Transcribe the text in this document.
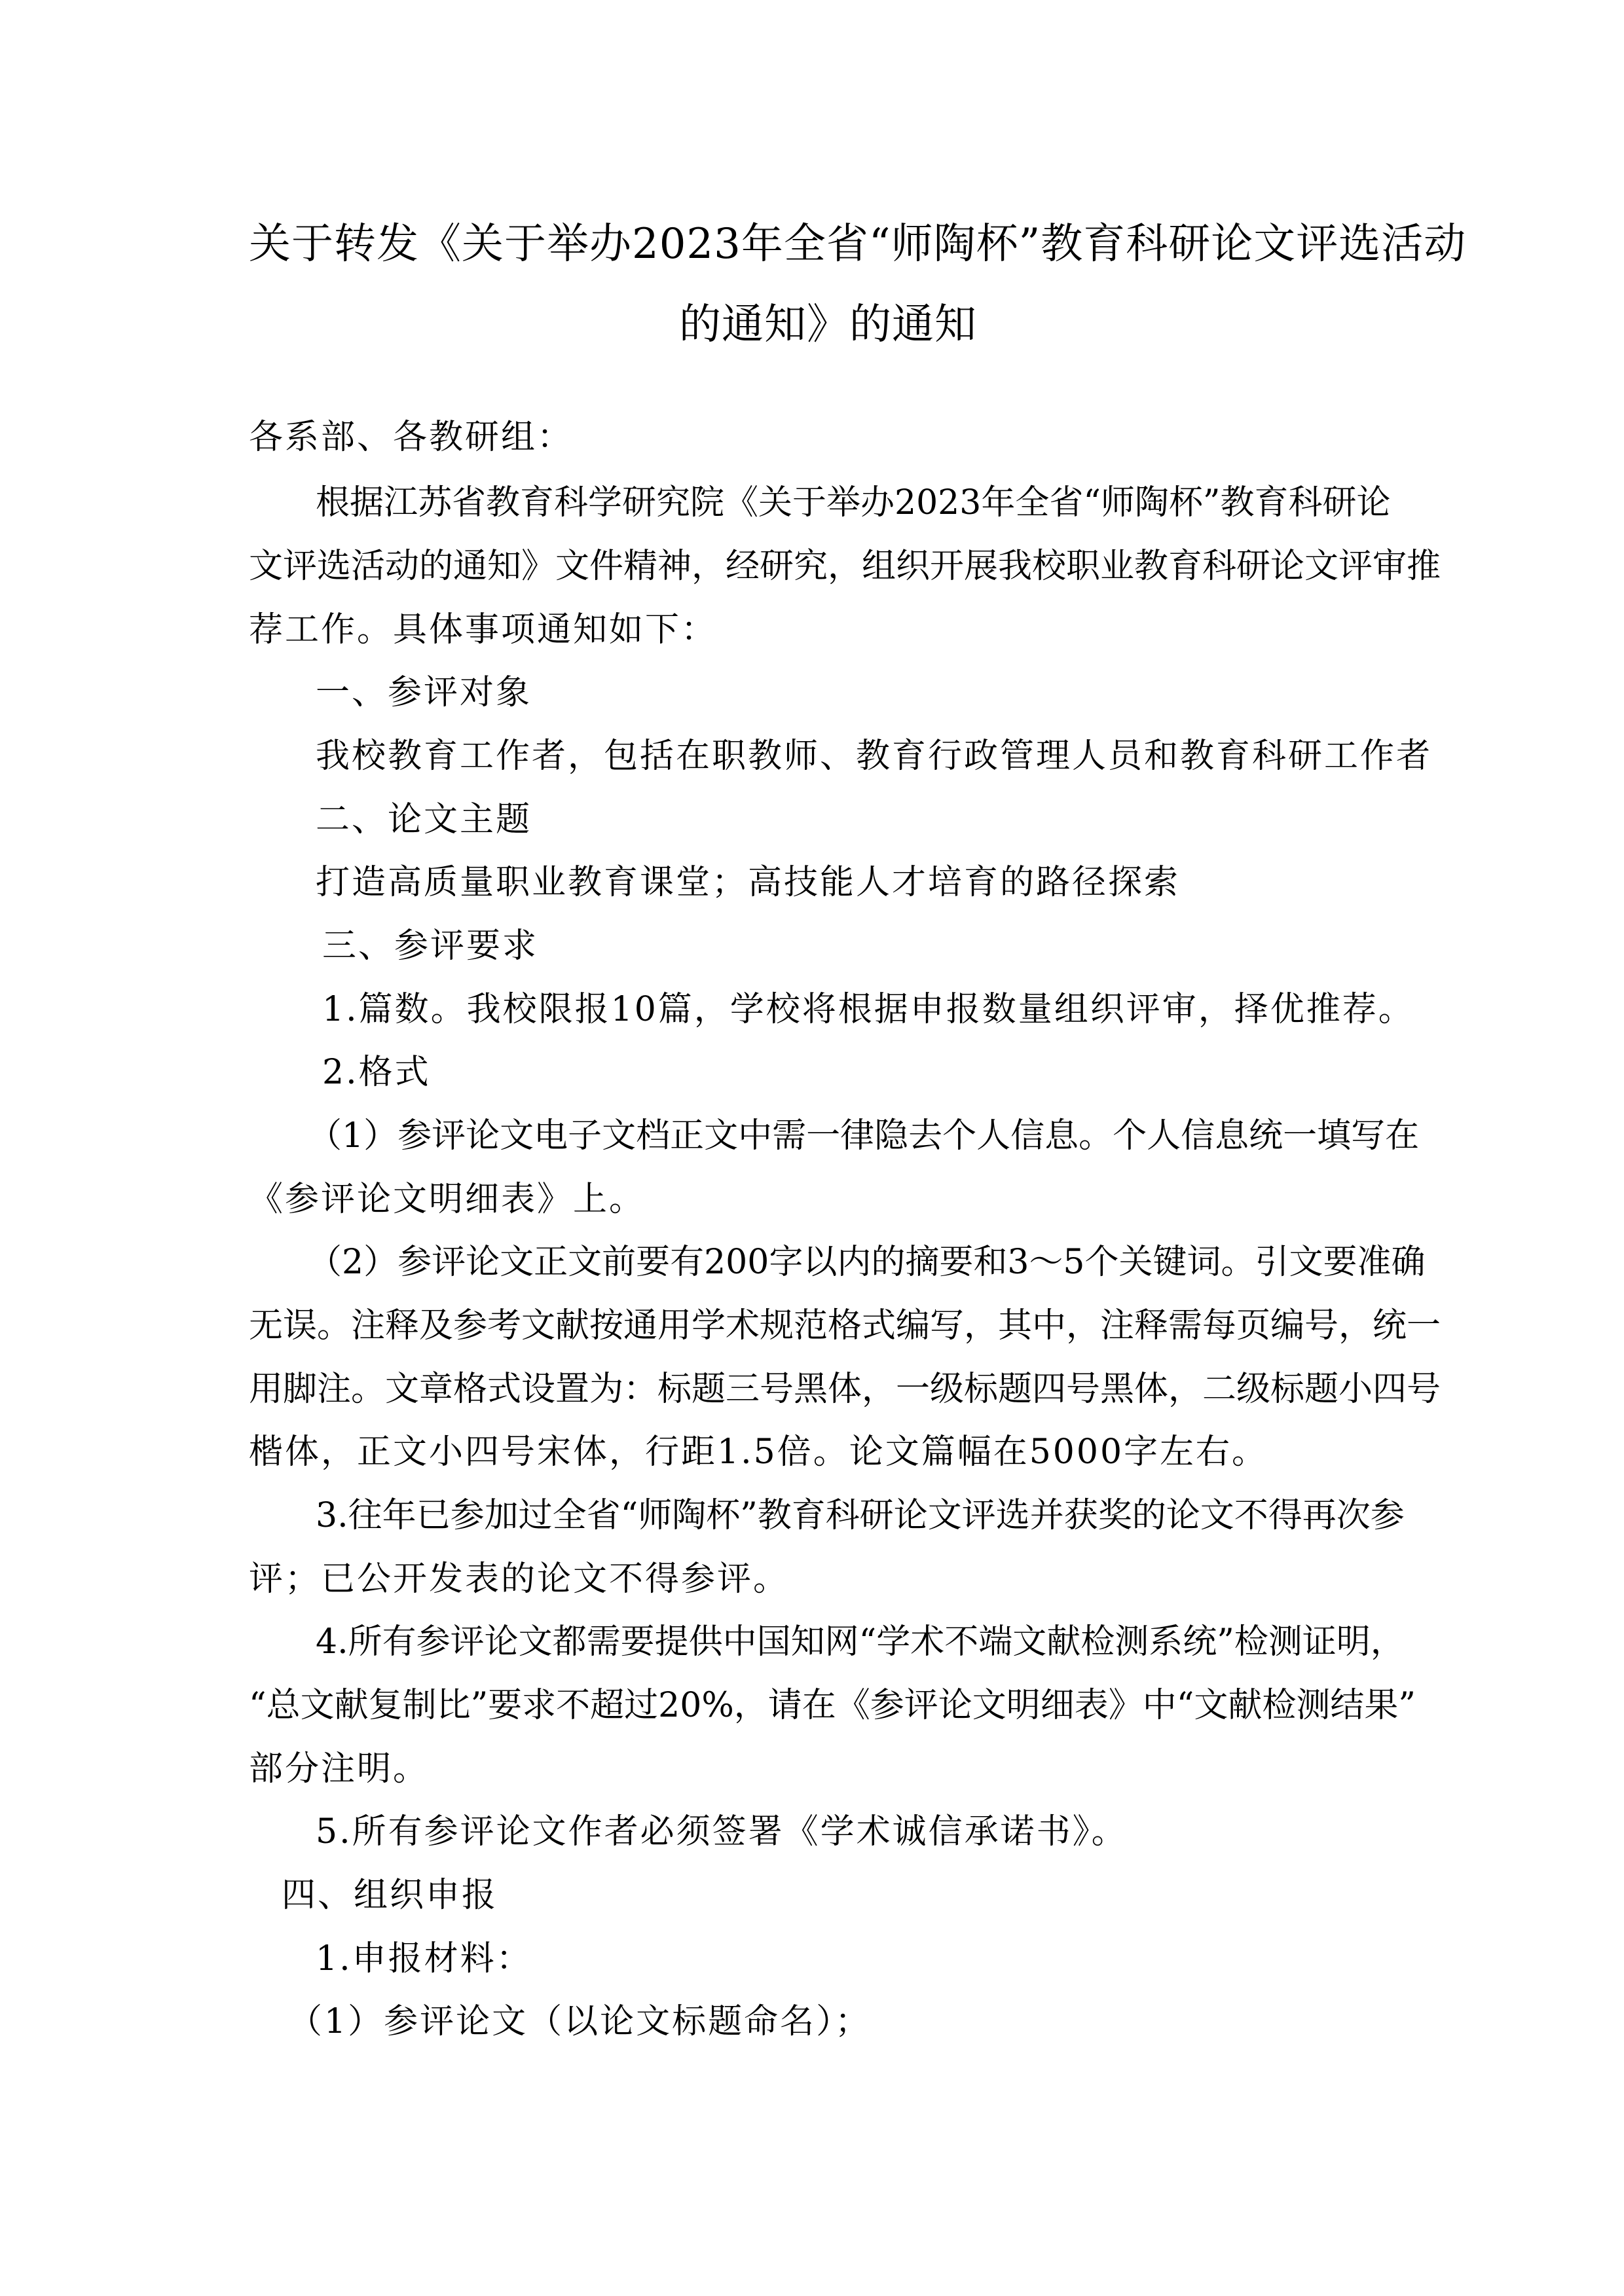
关于转发《关于举办2023年全省“师陶杯”教育科研论文评选活动
的通知》的通知
各系部、各教研组：
根据江苏省教育科学研究院《关于举办2023年全省“师陶杯”教育科研论
文评选活动的通知》文件精神，经研究，组织开展我校职业教育科研论文评审推
荐工作。具体事项通知如下：
一、参评对象
我校教育工作者，包括在职教师、教育行政管理人员和教育科研工作者
二、论文主题
打造高质量职业教育课堂；高技能人才培育的路径探索
三、参评要求
1.篇数。我校限报10篇，学校将根据申报数量组织评审，择优推荐。
2.格式
（1）参评论文电子文档正文中需一律隐去个人信息。个人信息统一填写在
《参评论文明细表》上。
（2）参评论文正文前要有200字以内的摘要和3～5个关键词。引文要准确
无误。注释及参考文献按通用学术规范格式编写，其中，注释需每页编号，统一
用脚注。文章格式设置为：标题三号黑体，一级标题四号黑体，二级标题小四号
楷体，正文小四号宋体，行距1.5倍。论文篇幅在5000字左右。
3.往年已参加过全省“师陶杯”教育科研论文评选并获奖的论文不得再次参
评；已公开发表的论文不得参评。
4.所有参评论文都需要提供中国知网“学术不端文献检测系统”检测证明，
“总文献复制比”要求不超过20%，请在《参评论文明细表》中“文献检测结果”
部分注明。
5.所有参评论文作者必须签署《学术诚信承诺书》。
四、组织申报
1.申报材料：
（1）参评论文（以论文标题命名）；
